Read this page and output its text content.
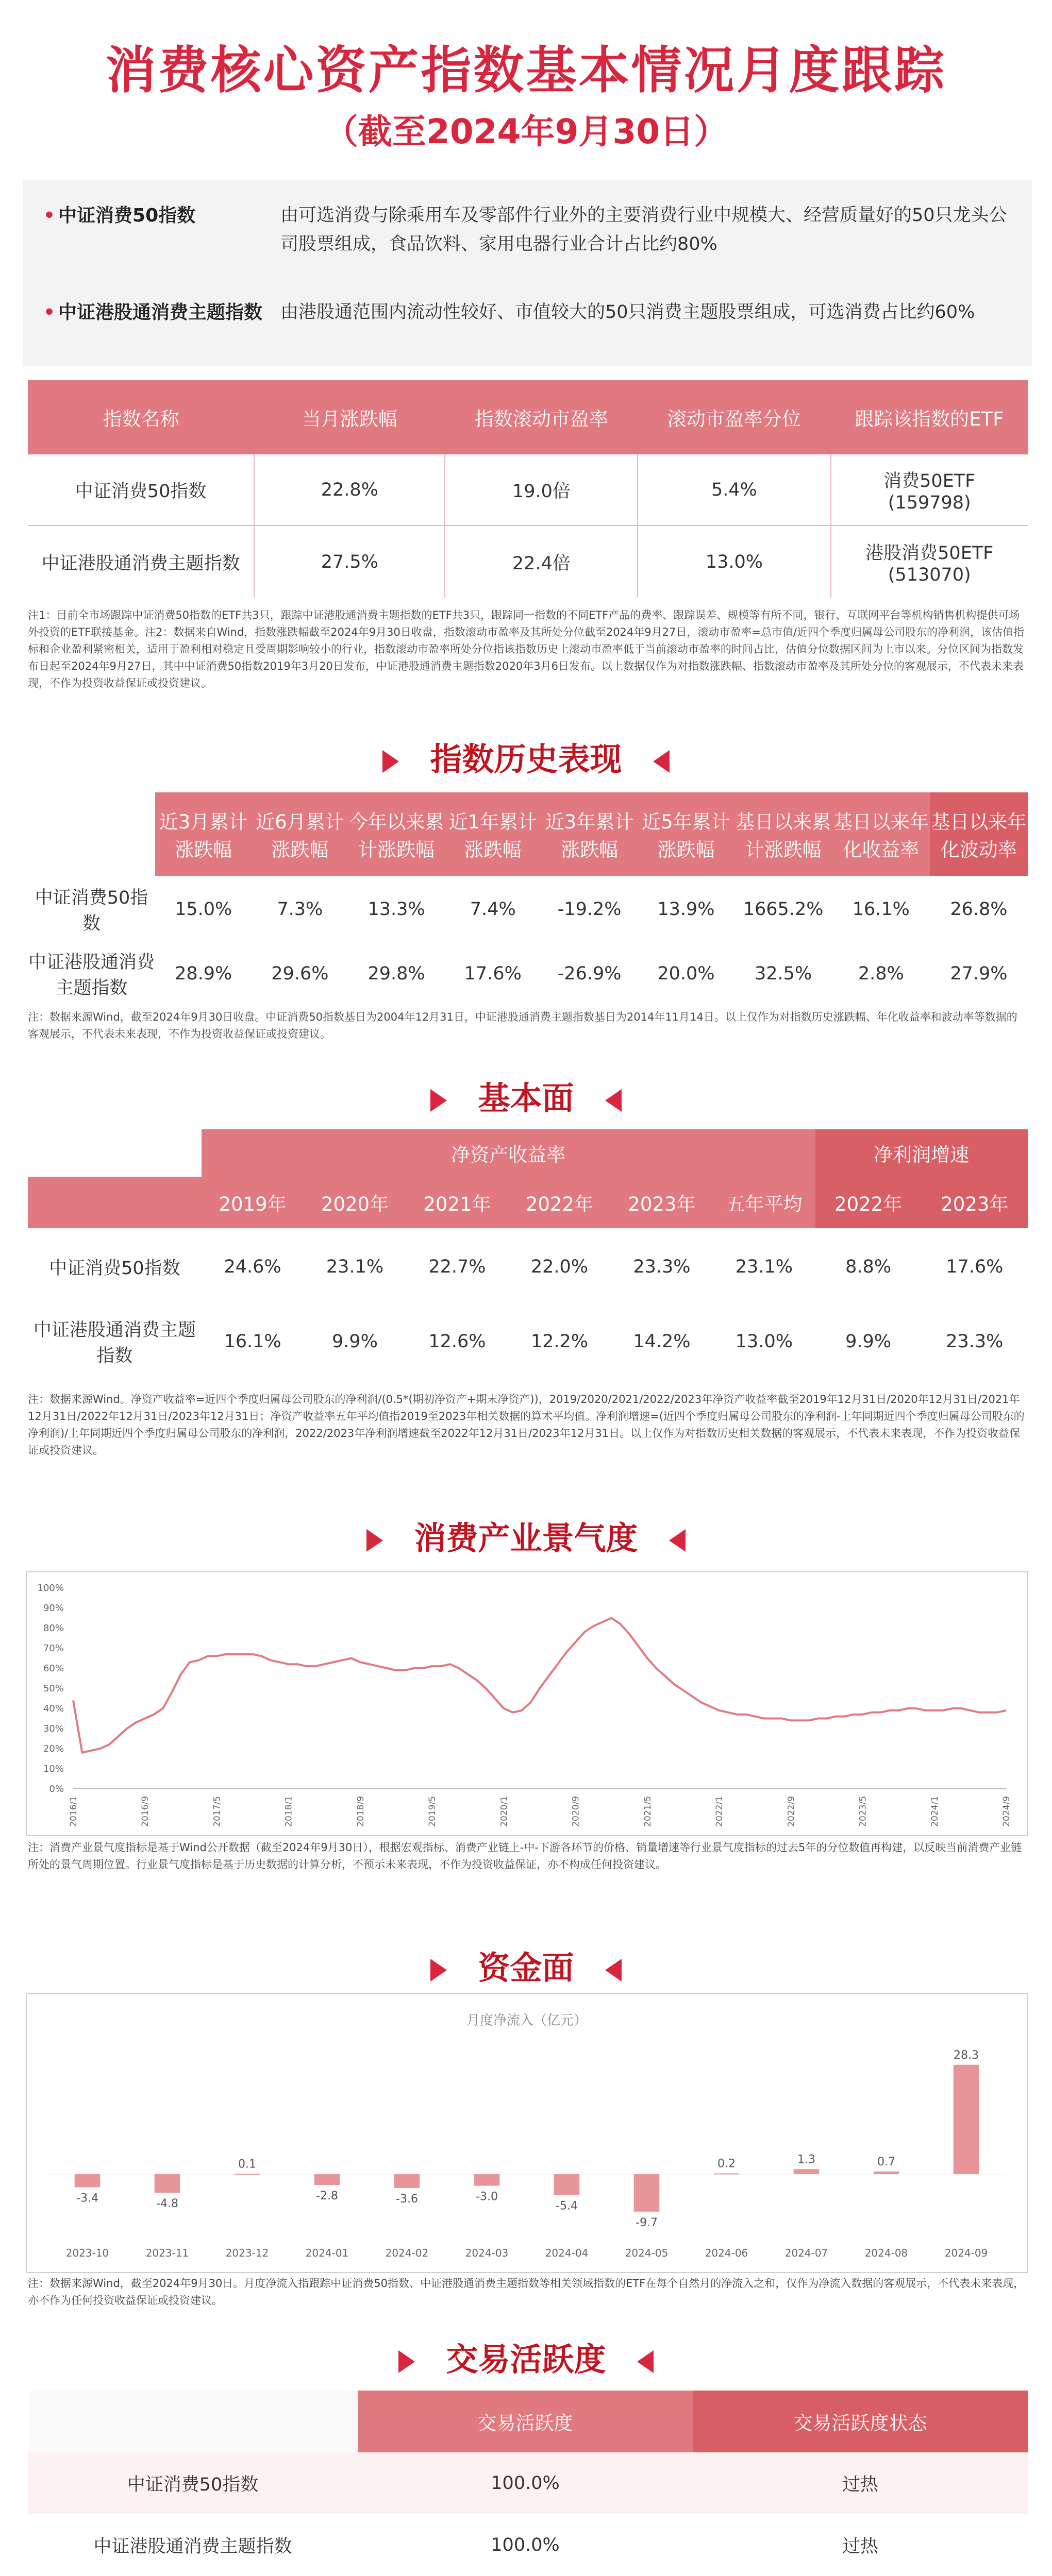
消费核心资产指数基本情况月度跟踪
（截至2024年9月30日）
• 中证消费50指数	由可选消费与除乘用车及零部件行业外的主要消费行业中规模大、经营质量好的50只龙头公司股票组成，食品饮料、家用电器行业合计占比约80%
• 中证港股通消费主题指数 由港股通范围内流动性较好、市值较大的50只消费主题股票组成，可选消费占比约60%
指数名称	当月涨跌幅	指数滚动市盈率	滚动市盈率分位	跟踪该指数的ETF
中证消费50指数	22.8%	19.0倍	5.4%	消费50ETF
(159798)

中证港股通消费主题指数	27.5%	22.4倍	13.0%	港股消费50ETF
(513070)
注1：目前全市场跟踪中证消费50指数的ETF共3只，跟踪中证港股通消费主题指数的ETF共3只，跟踪同一指数的不同ETF产品的费率、跟踪误差、规模等有所不同，银行、互联网平台等机构销售机构提供可场外投资的ETF联接基金。注2：数据来自Wind，指数涨跌幅截至2024年9月30日收盘，指数滚动市盈率及其所处分位截至2024年9月27日，滚动市盈率=总市值/近四个季度归属母公司股东的净利润，该估值指标和企业盈利紧密相关，适用于盈利相对稳定且受周期影响较小的行业，指数滚动市盈率所处分位指该指数历史上滚动市盈率低于当前滚动市盈率的时间占比，估值分位数据区间为上市以来。分位区间为指数发布日起至2024年9月27日，其中中证消费50指数2019年3月20日发布，中证港股通消费主题指数2020年3月6日发布。以上数据仅作为对指数涨跌幅、指数滚动市盈率及其所处分位的客观展示，不代表未来表现，不作为投资收益保证或投资建议。
指数历史表现
	近3月累计涨跌幅	近6月累计涨跌幅	今年以来累计涨跌幅	近1年累计涨跌幅	近3年累计涨跌幅	近5年累计涨跌幅	基日以来累计涨跌幅	基日以来年化收益率	基日以来年化波动率
中证消费50指数	15.0%	7.3%	13.3%	7.4%	-19.2%	13.9%	1665.2%	16.1%	26.8%
中证港股通消费主题指数	28.9%	29.6%	29.8%	17.6%	-26.9%	20.0%	32.5%	2.8%	27.9%
注：数据来源Wind，截至2024年9月30日收盘。中证消费50指数基日为2004年12月31日，中证港股通消费主题指数基日为2014年11月14日。以上仅作为对指数历史涨跌幅、年化收益率和波动率等数据的客观展示，不代表未来表现，不作为投资收益保证或投资建议。
基本面
	净资产收益率						净利润增速	
	2019年	2020年	2021年	2022年	2023年	五年平均	2022年	2023年
中证消费50指数	24.6%	23.1%	22.7%	22.0%	23.3%	23.1%	8.8%	17.6%
中证港股通消费主题指数	16.1%	9.9%	12.6%	12.2%	14.2%	13.0%	9.9%	23.3%
注：数据来源Wind。净资产收益率=近四个季度归属母公司股东的净利润/(0.5*(期初净资产+期末净资产))，2019/2020/2021/2022/2023年净资产收益率截至2019年12月31日/2020年12月31日/2021年12月31日/2022年12月31日/2023年12月31日；净资产收益率五年平均值指2019至2023年相关数据的算术平均值。净利润增速=(近四个季度归属母公司股东的净利润-上年同期近四个季度归属母公司股东的净利润)/上年同期近四个季度归属母公司股东的净利润，2022/2023年净利润增速截至2022年12月31日/2023年12月31日。以上仅作为对指数历史相关数据的客观展示，不代表未来表现，不作为投资收益保证或投资建议。
消费产业景气度
0%
10%
20%
30%
40%
50%
60%
70%
80%
90%
100%
2016/1	2016/9	2017/5	2018/1	2018/9	2019/5	2020/1	2020/9	2021/5	2022/1	2022/9	2023/5	2024/1	2024/9
注：消费产业景气度指标是基于Wind公开数据（截至2024年9月30日），根据宏观指标、消费产业链上-中-下游各环节的价格、销量增速等行业景气度指标的过去5年的分位数值再构建，以反映当前消费产业链所处的景气周期位置。行业景气度指标是基于历史数据的计算分析，不预示未来表现，不作为投资收益保证，亦不构成任何投资建议。
资金面
月度净流入（亿元）
-3.4
2023-10
-4.8
2023-11
0.1
2023-12
-2.8
2024-01
-3.6
2024-02
-3.0
2024-03
-5.4
2024-04
-9.7
2024-05
0.2
2024-06
1.3
2024-07
0.7
2024-08
28.3
2024-09
注：数据来源Wind，截至2024年9月30日。月度净流入指跟踪中证消费50指数、中证港股通消费主题指数等相关领域指数的ETF在每个自然月的净流入之和，仅作为净流入数据的客观展示，不代表未来表现，亦不作为任何投资收益保证或投资建议。
交易活跃度
	交易活跃度	交易活跃度状态
中证消费50指数	100.0%	过热
中证港股通消费主题指数	100.0%	过热
